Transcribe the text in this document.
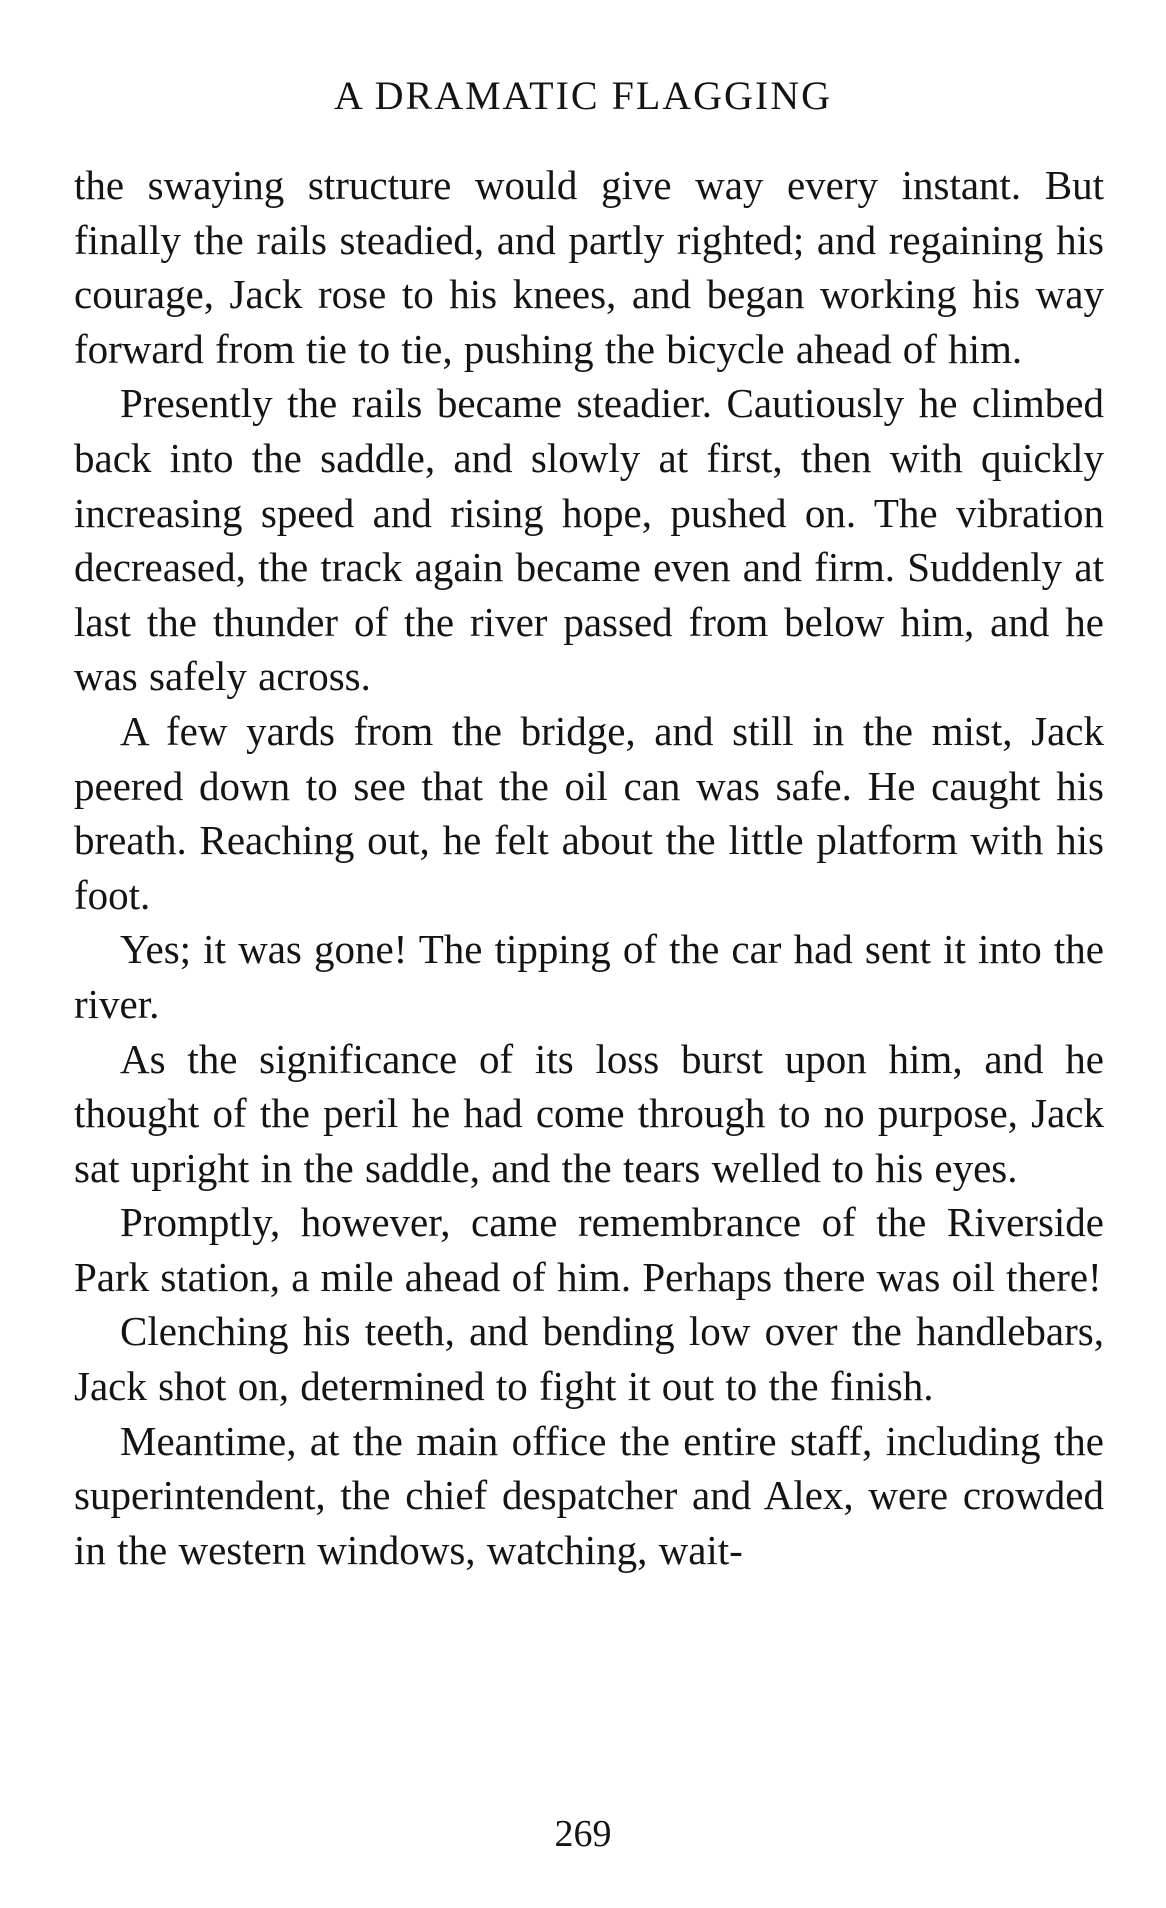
A DRAMATIC FLAGGING

the swaying structure would give way every instant. But finally the rails steadied, and partly righted; and regaining his courage, Jack rose to his knees, and began working his way forward from tie to tie, pushing the bicycle ahead of him.

Presently the rails became steadier. Cautiously he climbed back into the saddle, and slowly at first, then with quickly increasing speed and rising hope, pushed on. The vibration decreased, the track again became even and firm. Suddenly at last the thunder of the river passed from below him, and he was safely across.

A few yards from the bridge, and still in the mist, Jack peered down to see that the oil can was safe. He caught his breath. Reaching out, he felt about the little platform with his foot.

Yes; it was gone! The tipping of the car had sent it into the river.

As the significance of its loss burst upon him, and he thought of the peril he had come through to no purpose, Jack sat upright in the saddle, and the tears welled to his eyes.

Promptly, however, came remembrance of the Riverside Park station, a mile ahead of him. Perhaps there was oil there!

Clenching his teeth, and bending low over the handlebars, Jack shot on, determined to fight it out to the finish.

Meantime, at the main office the entire staff, including the superintendent, the chief despatcher and Alex, were crowded in the western windows, watching, wait-

269
